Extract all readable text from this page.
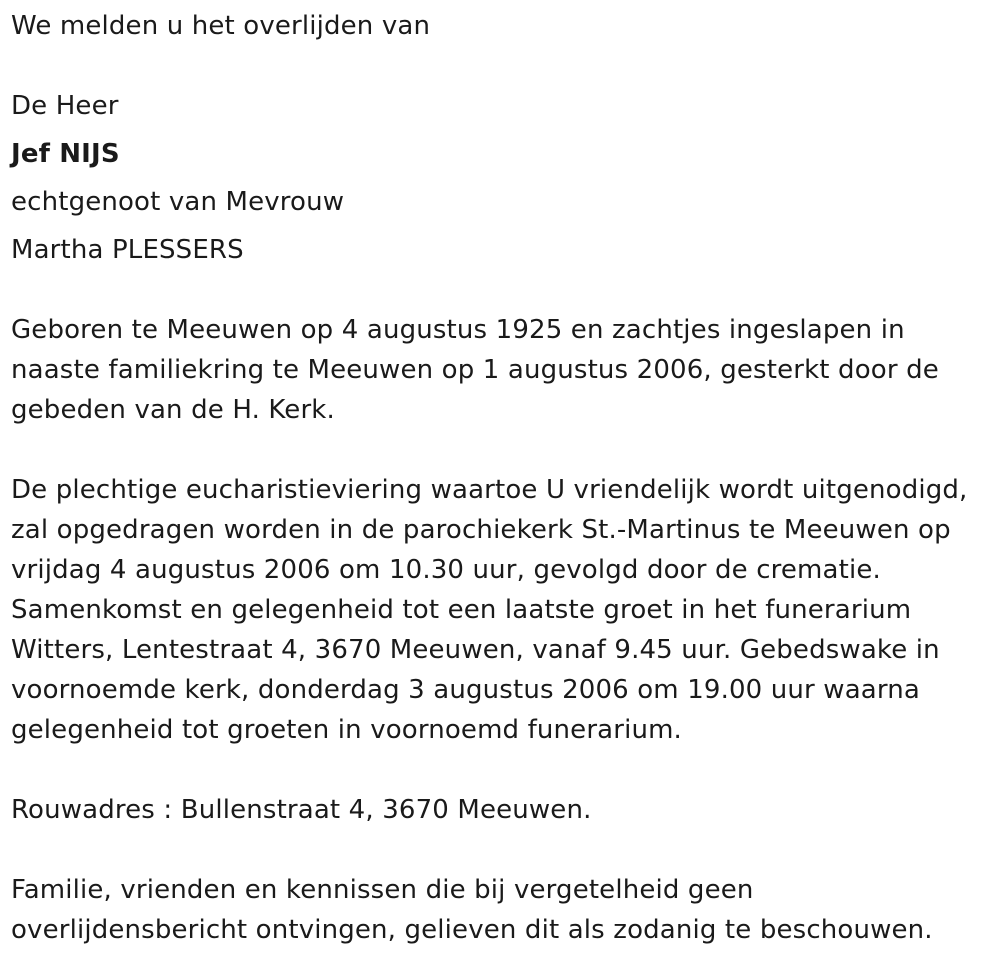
We melden u het overlijden van

De Heer

Jef NIJS

echtgenoot van Mevrouw

Martha PLESSERS

Geboren te Meeuwen op 4 augustus 1925 en zachtjes ingeslapen in

naaste familiekring te Meeuwen op 1 augustus 2006, gesterkt door de

gebeden van de H. Kerk.

De plechtige eucharistieviering waartoe U vriendelijk wordt uitgenodigd,

zal opgedragen worden in de parochiekerk St.-Martinus te Meeuwen op

vrijdag 4 augustus 2006 om 10.30 uur, gevolgd door de crematie.

Samenkomst en gelegenheid tot een laatste groet in het funerarium

Witters, Lentestraat 4, 3670 Meeuwen, vanaf 9.45 uur. Gebedswake in

voornoemde kerk, donderdag 3 augustus 2006 om 19.00 uur waarna

gelegenheid tot groeten in voornoemd funerarium.

Rouwadres : Bullenstraat 4, 3670 Meeuwen.

Familie, vrienden en kennissen die bij vergetelheid geen

overlijdensbericht ontvingen, gelieven dit als zodanig te beschouwen.
